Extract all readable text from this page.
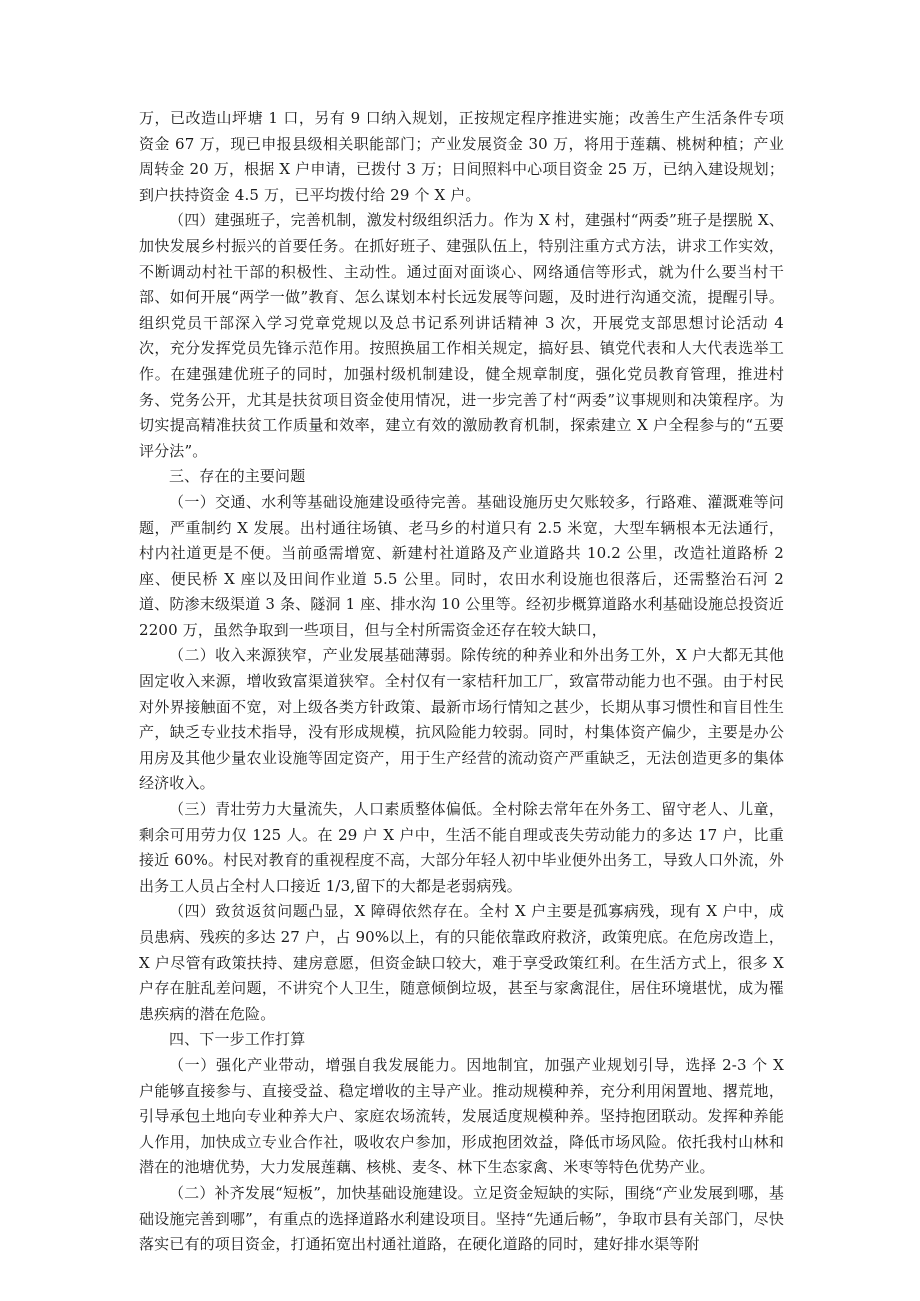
万，已改造山坪塘 1 口，另有 9 口纳入规划，正按规定程序推进实施；改善生产生活条件专项资金 67 万，现已申报县级相关职能部门；产业发展资金 30 万，将用于莲藕、桃树种植；产业周转金 20 万，根据 X 户申请，已拨付 3 万；日间照料中心项目资金 25 万，已纳入建设规划；到户扶持资金 4.5 万，已平均拨付给 29 个 X 户。

（四）建强班子，完善机制，激发村级组织活力。作为 X 村，建强村“两委”班子是摆脱 X、加快发展乡村振兴的首要任务。在抓好班子、建强队伍上，特别注重方式方法，讲求工作实效，不断调动村社干部的积极性、主动性。通过面对面谈心、网络通信等形式，就为什么要当村干部、如何开展“两学一做”教育、怎么谋划本村长远发展等问题，及时进行沟通交流，提醒引导。组织党员干部深入学习党章党规以及总书记系列讲话精神 3 次，开展党支部思想讨论活动 4 次，充分发挥党员先锋示范作用。按照换届工作相关规定，搞好县、镇党代表和人大代表选举工作。在建强建优班子的同时，加强村级机制建设，健全规章制度，强化党员教育管理，推进村务、党务公开，尤其是扶贫项目资金使用情况，进一步完善了村“两委”议事规则和决策程序。为切实提高精准扶贫工作质量和效率，建立有效的激励教育机制，探索建立 X 户全程参与的“五要评分法”。

三、存在的主要问题

（一）交通、水利等基础设施建设亟待完善。基础设施历史欠账较多，行路难、灌溉难等问题，严重制约 X 发展。出村通往场镇、老马乡的村道只有 2.5 米宽，大型车辆根本无法通行，村内社道更是不便。当前亟需增宽、新建村社道路及产业道路共 10.2 公里，改造社道路桥 2 座、便民桥 X 座以及田间作业道 5.5 公里。同时，农田水利设施也很落后，还需整治石河 2 道、防渗末级渠道 3 条、隧洞 1 座、排水沟 10 公里等。经初步概算道路水利基础设施总投资近 2200 万，虽然争取到一些项目，但与全村所需资金还存在较大缺口，

（二）收入来源狭窄，产业发展基础薄弱。除传统的种养业和外出务工外，X 户大都无其他固定收入来源，增收致富渠道狭窄。全村仅有一家桔秆加工厂，致富带动能力也不强。由于村民对外界接触面不宽，对上级各类方针政策、最新市场行情知之甚少，长期从事习惯性和盲目性生产，缺乏专业技术指导，没有形成规模，抗风险能力较弱。同时，村集体资产偏少，主要是办公用房及其他少量农业设施等固定资产，用于生产经营的流动资产严重缺乏，无法创造更多的集体经济收入。

（三）青壮劳力大量流失，人口素质整体偏低。全村除去常年在外务工、留守老人、儿童，剩余可用劳力仅 125 人。在 29 户 X 户中，生活不能自理或丧失劳动能力的多达 17 户，比重接近 60%。村民对教育的重视程度不高，大部分年轻人初中毕业便外出务工，导致人口外流，外出务工人员占全村人口接近 1/3,留下的大都是老弱病残。

（四）致贫返贫问题凸显，X 障碍依然存在。全村 X 户主要是孤寡病残，现有 X 户中，成员患病、残疾的多达 27 户，占 90%以上，有的只能依靠政府救济，政策兜底。在危房改造上，X 户尽管有政策扶持、建房意愿，但资金缺口较大，难于享受政策红利。在生活方式上，很多 X 户存在脏乱差问题，不讲究个人卫生，随意倾倒垃圾，甚至与家禽混住，居住环境堪忧，成为罹患疾病的潜在危险。

四、下一步工作打算

（一）强化产业带动，增强自我发展能力。因地制宜，加强产业规划引导，选择 2-3 个 X 户能够直接参与、直接受益、稳定增收的主导产业。推动规模种养，充分利用闲置地、撂荒地，引导承包土地向专业种养大户、家庭农场流转，发展适度规模种养。坚持抱团联动。发挥种养能人作用，加快成立专业合作社，吸收农户参加，形成抱团效益，降低市场风险。依托我村山林和潜在的池塘优势，大力发展莲藕、核桃、麦冬、林下生态家禽、米枣等特色优势产业。

（二）补齐发展“短板”，加快基础设施建设。立足资金短缺的实际，围绕“产业发展到哪，基础设施完善到哪”，有重点的选择道路水利建设项目。坚持“先通后畅”，争取市县有关部门，尽快落实已有的项目资金，打通拓宽出村通社道路，在硬化道路的同时，建好排水渠等附
